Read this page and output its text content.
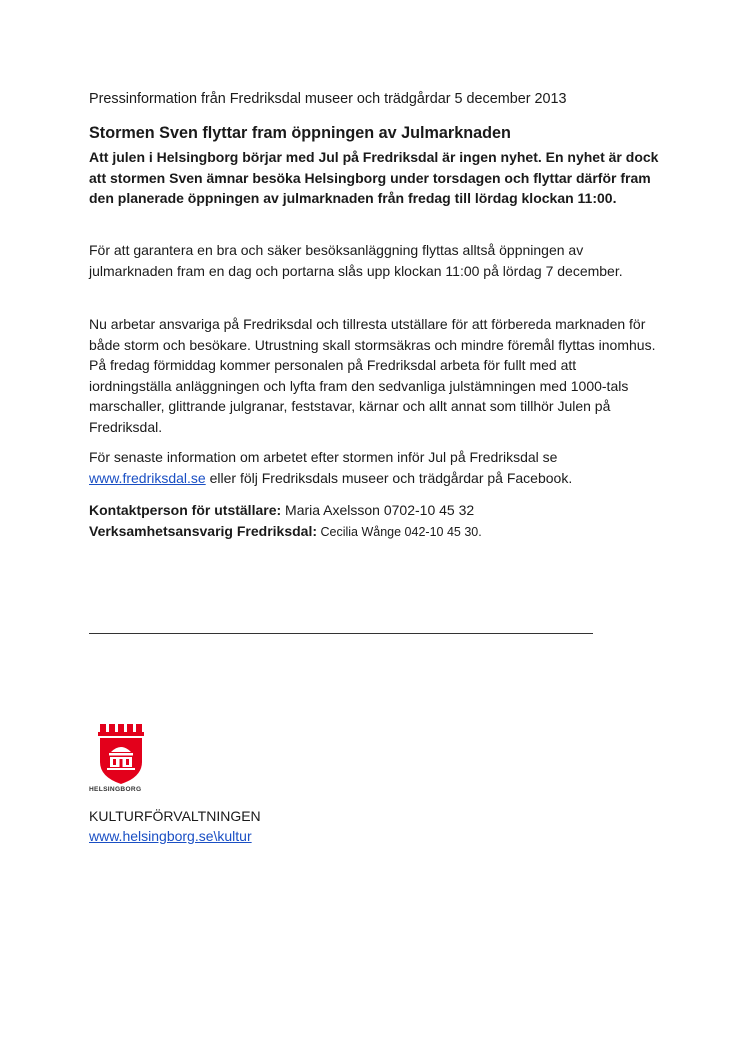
Pressinformation från Fredriksdal museer och trädgårdar 5 december 2013
Stormen Sven flyttar fram öppningen av Julmarknaden
Att julen i Helsingborg börjar med Jul på Fredriksdal är ingen nyhet. En nyhet är dock att stormen Sven ämnar besöka Helsingborg under torsdagen och flyttar därför fram den planerade öppningen av julmarknaden från fredag till lördag klockan 11:00.
För att garantera en bra och säker besöksanläggning flyttas alltså öppningen av julmarknaden fram en dag och portarna slås upp klockan 11:00 på lördag 7 december.
Nu arbetar ansvariga på Fredriksdal och tillresta utställare för att förbereda marknaden för både storm och besökare. Utrustning skall stormsäkras och mindre föremål flyttas inomhus. På fredag förmiddag kommer personalen på Fredriksdal arbeta för fullt med att iordningställa anläggningen och lyfta fram den sedvanliga julstämningen med 1000-tals marschaller, glittrande julgranar, feststavar, kärnar och allt annat som tillhör Julen på Fredriksdal.
För senaste information om arbetet efter stormen inför Jul på Fredriksdal se www.fredriksdal.se eller följ Fredriksdals museer och trädgårdar på Facebook.
Kontaktperson för utställare: Maria Axelsson 0702-10 45 32
Verksamhetsansvarig Fredriksdal: Cecilia Wånge 042-10 45 30.
HELSINGBORG
KULTURFÖRVALTNINGEN
www.helsingborg.se\kultur
